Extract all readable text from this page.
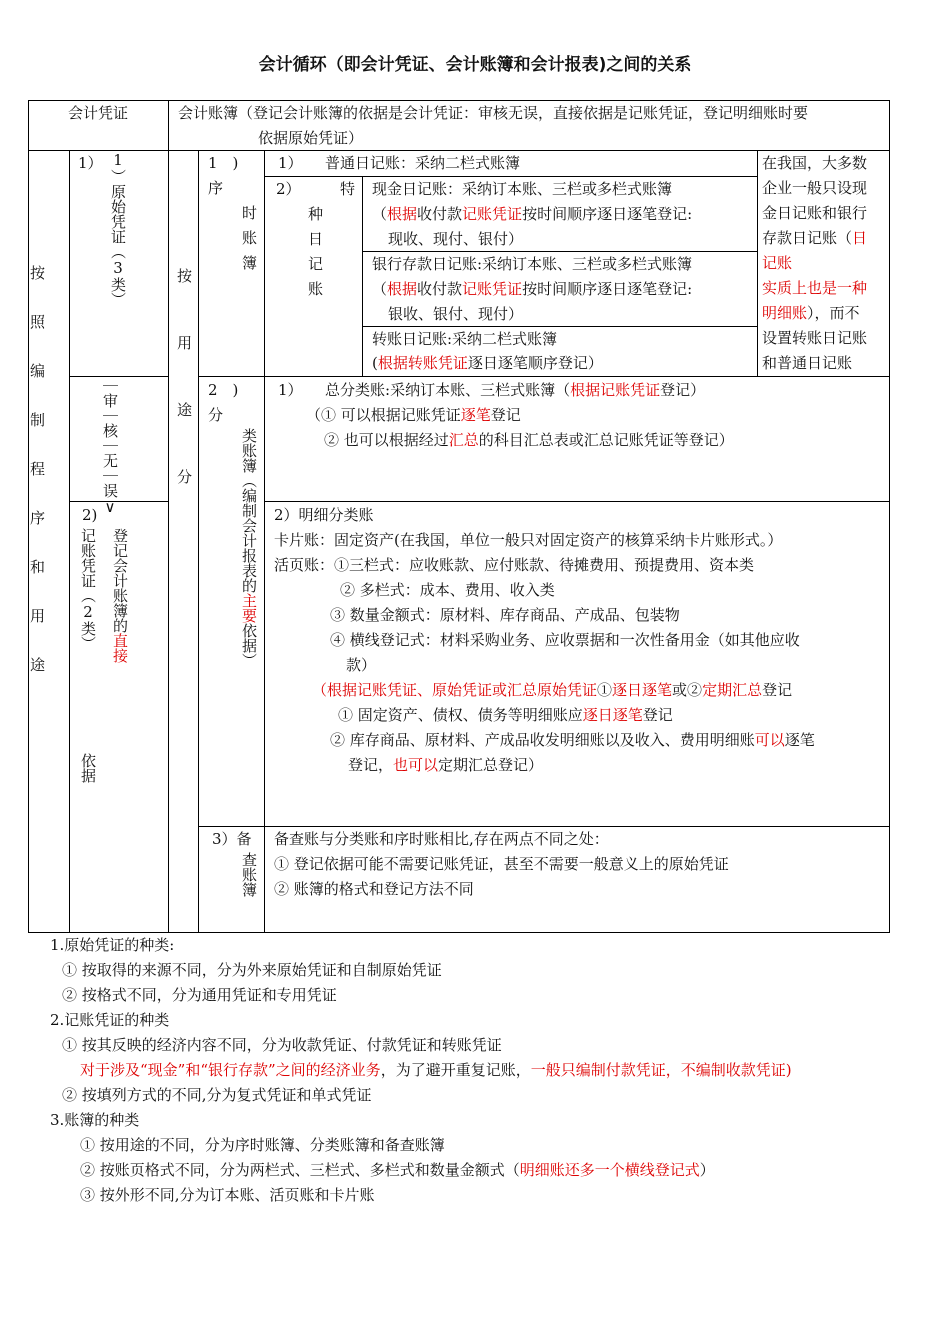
会计循环（即会计凭证、会计账簿和会计报表)之间的关系
会计凭证	会计账簿（登记会计账簿的依据是会计凭证：审核无误，直接依据是记账凭证，登记明细账时要
依据原始凭证）
按照编制程序和用途
1） 1）原始凭证（3类）
｜审｜核｜无｜误∨
2)
记账凭证（2类） 登记会计账簿的直接
依据
按用途分
1　)
序
时
账
簿
1）　　普通日记账：采纳二栏式账簿
2）	特
种
日
记
账
现金日记账：采纳订本账、三栏或多栏式账簿
（根据收付款记账凭证按时间顺序逐日逐笔登记:
现收、现付、银付）
银行存款日记账:采纳订本账、三栏或多栏式账簿
（根据收付款记账凭证按时间顺序逐日逐笔登记:
银收、银付、现付）
转账日记账:采纳二栏式账簿
(根据转账凭证逐日逐笔顺序登记）
在我国，大多数
企业一般只设现
金日记账和银行
存款日记账（日
记账
实质上也是一种
明细账），而不
设置转账日记账
和普通日记账
2　)
分
类账簿（编制会计报表的主要依据）
1）　　总分类账:采纳订本账、三栏式账簿（根据记账凭证登记）
（① 可以根据记账凭证逐笔登记
② 也可以根据经过汇总的科目汇总表或汇总记账凭证等登记）
2）明细分类账
卡片账：固定资产(在我国，单位一般只对固定资产的核算采纳卡片账形式。）
活页账：①三栏式：应收账款、应付账款、待摊费用、预提费用、资本类
② 多栏式：成本、费用、收入类
③ 数量金额式：原材料、库存商品、产成品、包装物
④ 横线登记式：材料采购业务、应收票据和一次性备用金（如其他应收
款）
（根据记账凭证、原始凭证或汇总原始凭证①逐日逐笔或②定期汇总登记
① 固定资产、债权、债务等明细账应逐日逐笔登记
② 库存商品、原材料、产成品收发明细账以及收入、费用明细账可以逐笔
登记，也可以定期汇总登记）
3）备
查账簿
备查账与分类账和序时账相比,存在两点不同之处：
① 登记依据可能不需要记账凭证，甚至不需要一般意义上的原始凭证
② 账簿的格式和登记方法不同
1.原始凭证的种类:
① 按取得的来源不同，分为外来原始凭证和自制原始凭证
② 按格式不同，分为通用凭证和专用凭证
2.记账凭证的种类
① 按其反映的经济内容不同，分为收款凭证、付款凭证和转账凭证
对于涉及“现金”和“银行存款”之间的经济业务，为了避开重复记账，一般只编制付款凭证，不编制收款凭证)
② 按填列方式的不同,分为复式凭证和单式凭证
3.账簿的种类
① 按用途的不同，分为序时账簿、分类账簿和备查账簿
② 按账页格式不同，分为两栏式、三栏式、多栏式和数量金额式（明细账还多一个横线登记式）
③ 按外形不同,分为订本账、活页账和卡片账
